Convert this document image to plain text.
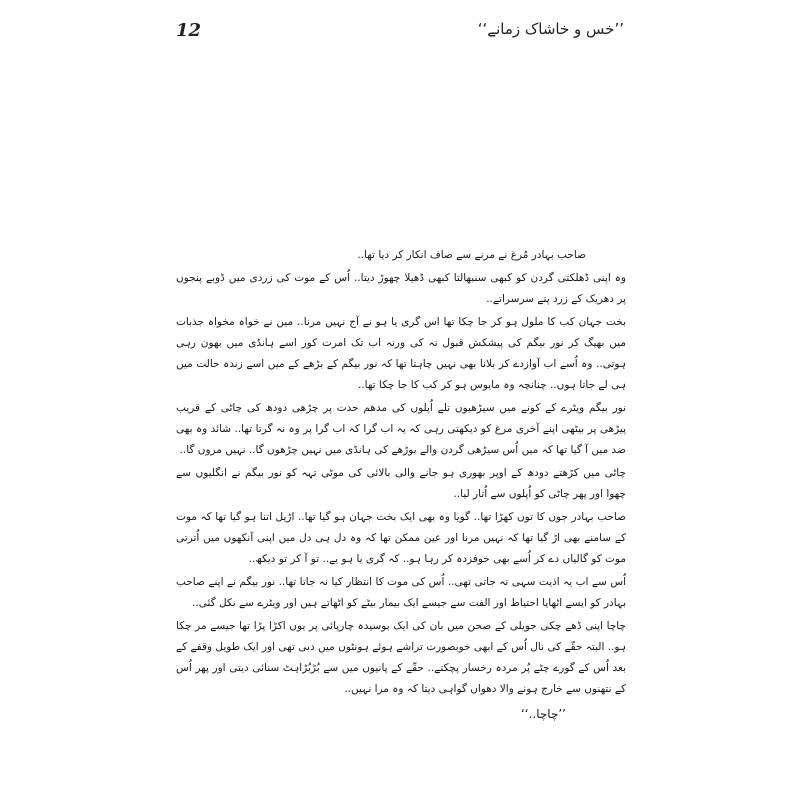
12	’’خس و خاشاک زمانے‘‘

صاحب بہادر مُرغ نے مرنے سے صاف انکار کر دیا تھا..

وہ اپنی ڈھلکتی گردن کو کبھی سنبھالتا کبھی ڈھیلا چھوڑ دیتا.. اُس کے موت کی زردی میں ڈوبے پنجوں پر دھریک کے زرد پتے سرسراتے..

بخت جہان کب کا ملول ہو کر جا چکا تھا اس گری یا ہو نے آج نہیں مرنا.. میں نے خواہ مخواہ جذبات میں بھیگ کر نور بیگم کی پیشکش قبول نہ کی ورنہ اب تک امرت کور اسے ہانڈی میں بھون رہی ہوتی.. وہ اُسے اب آوازدے کر بلانا بھی نہیں چاہتا تھا کہ نور بیگم کے بڑھے کے میں اسے زندہ حالت میں ہی لے جاتا ہوں.. چنانچہ وہ مایوس ہو کر کب کا جا چکا تھا..

نور بیگم ویٹرے کے کونے میں سیڑھیوں تلے اُپلوں کی مدھم حدت پر چڑھی دودھ کی چاٹی کے قریب پیڑھی پر بیٹھی اپنے آخری مرغ کو دیکھتی رہی کہ یہ اب گرا کہ اب گرا پر وہ نہ گرتا تھا.. شائد وہ بھی ضد میں آ گیا تھا کہ میں اُس سیڑھی گردن والے بوڑھے کی ہانڈی میں نہیں چڑھوں گا.. نہیں مروں گا..

چاٹی میں کڑھتے دودھ کے اوپر بھوری ہو جانے والی بالائی کی موٹی تہہ کو نور بیگم نے انگلیوں سے چھوا اور پھر چاٹی کو اُپلوں سے اُتار لیا..

صاحب بہادر جوں کا توں کھڑا تھا.. گویا وہ بھی ایک بخت جہان ہو گیا تھا.. اڑیل اتنا ہو گیا تھا کہ موت کے سامنے بھی اڑ گیا تھا کہ نہیں مرنا اور عین ممکن تھا کہ وہ دل ہی دل میں اپنی آنکھوں میں اُترتی موت کو گالیاں دے کر اُسے بھی خوفزدہ کر رہا ہو.. کہ گری یا ہو یے.. تو آ کر تو دیکھ..

اُس سے اب یہ اذیت سہی نہ جاتی تھی.. اُس کی موت کا انتظار کیا نہ جاتا تھا.. نور بیگم نے اپنے صاحب بہادر کو ایسے اٹھایا احتیاط اور الفت سے جیسے ایک بیمار بیٹے کو اٹھاتے ہیں اور ویٹرے سے نکل گئی..

چاچا اپنی ڈھے چکی حویلی کے صحن میں بان کی ایک بوسیدہ چارپائی پر یوں اکڑا پڑا تھا جیسے مر چکا ہو.. البتہ حقّے کی نال اُس کے ابھی خوبصورت تراشے ہوئے ہونٹوں میں دبی تھی اور ایک طویل وقفے کے بعد اُس کے گورے چٹے پُر مردہ رخسار پچکتے.. حقّے کے پانیوں میں سے بُڑبُڑاہٹ سنائی دیتی اور پھر اُس کے نتھنوں سے خارج ہونے والا دھواں گواہی دیتا کہ وہ مرا نہیں..

’’چاچا..‘‘
